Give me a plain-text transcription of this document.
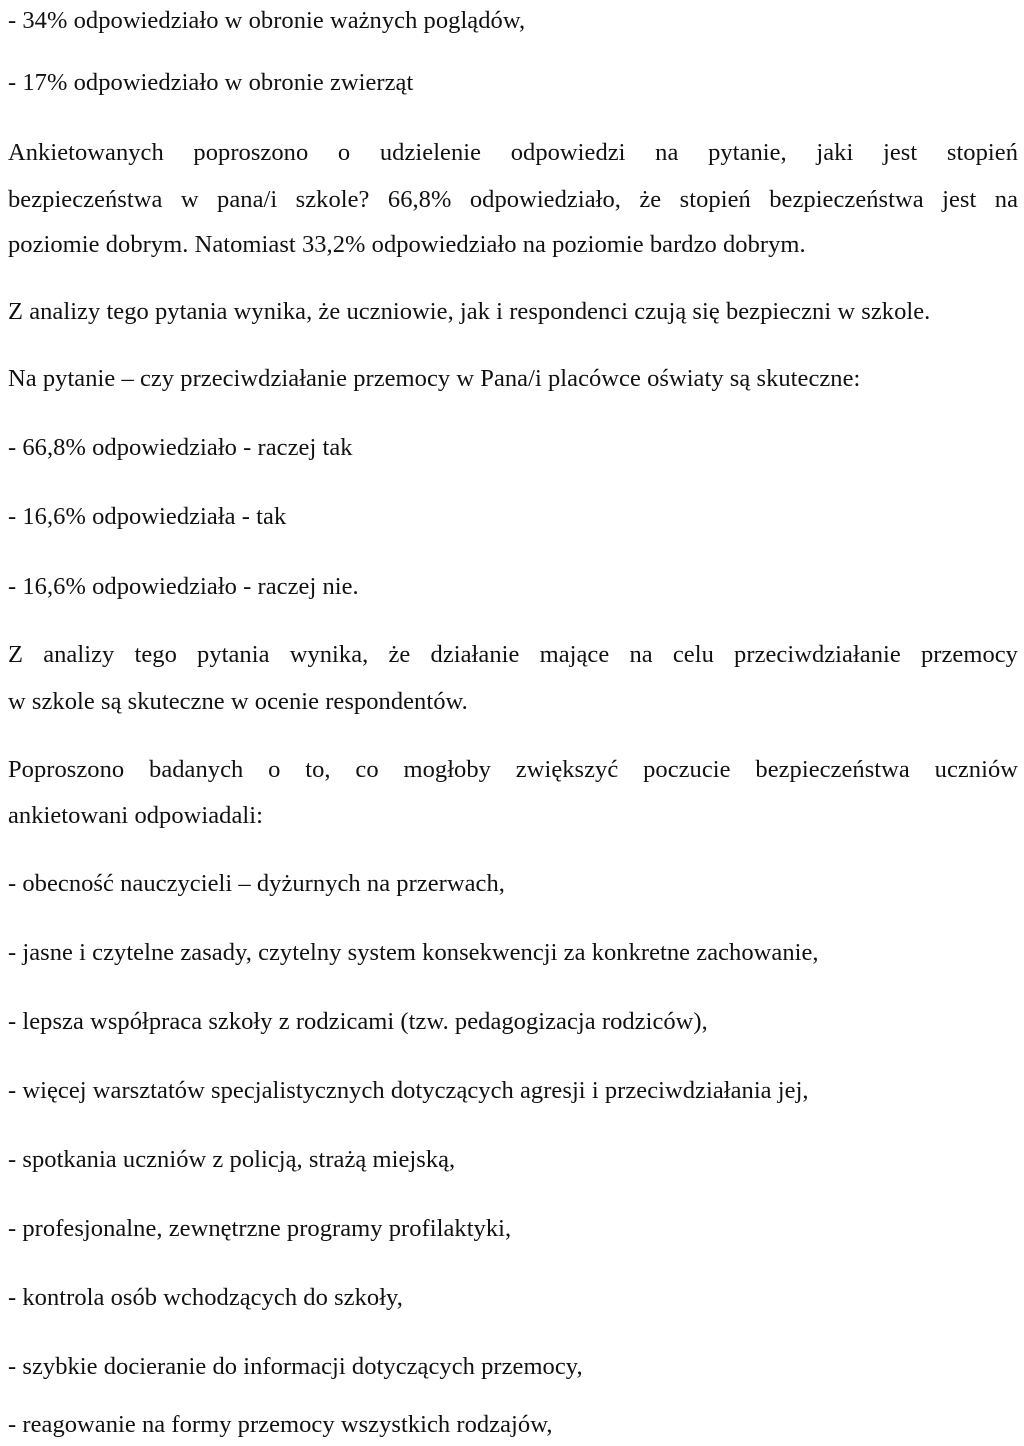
- 34% odpowiedziało w obronie ważnych poglądów,
- 17% odpowiedziało w obronie zwierząt
Ankietowanych poproszono o udzielenie odpowiedzi na pytanie, jaki jest stopień
bezpieczeństwa w pana/i szkole? 66,8% odpowiedziało, że stopień bezpieczeństwa jest na
poziomie dobrym. Natomiast 33,2% odpowiedziało na poziomie bardzo dobrym.
Z analizy tego pytania wynika, że uczniowie, jak i respondenci czują się bezpieczni w szkole.
Na pytanie – czy przeciwdziałanie przemocy w Pana/i placówce oświaty są skuteczne:
- 66,8% odpowiedziało - raczej tak
- 16,6% odpowiedziała - tak
- 16,6% odpowiedziało - raczej nie.
Z analizy tego pytania wynika, że działanie mające na celu przeciwdziałanie przemocy
w szkole są skuteczne w ocenie respondentów.
Poproszono badanych o to, co mogłoby zwiększyć poczucie bezpieczeństwa uczniów
ankietowani odpowiadali:
- obecność nauczycieli – dyżurnych na przerwach,
- jasne i czytelne zasady, czytelny system konsekwencji za konkretne zachowanie,
- lepsza współpraca szkoły z rodzicami (tzw. pedagogizacja rodziców),
- więcej warsztatów specjalistycznych dotyczących agresji i przeciwdziałania jej,
- spotkania uczniów z policją, strażą miejską,
- profesjonalne, zewnętrzne programy profilaktyki,
- kontrola osób wchodzących do szkoły,
- szybkie docieranie do informacji dotyczących przemocy,
- reagowanie na formy przemocy wszystkich rodzajów,
